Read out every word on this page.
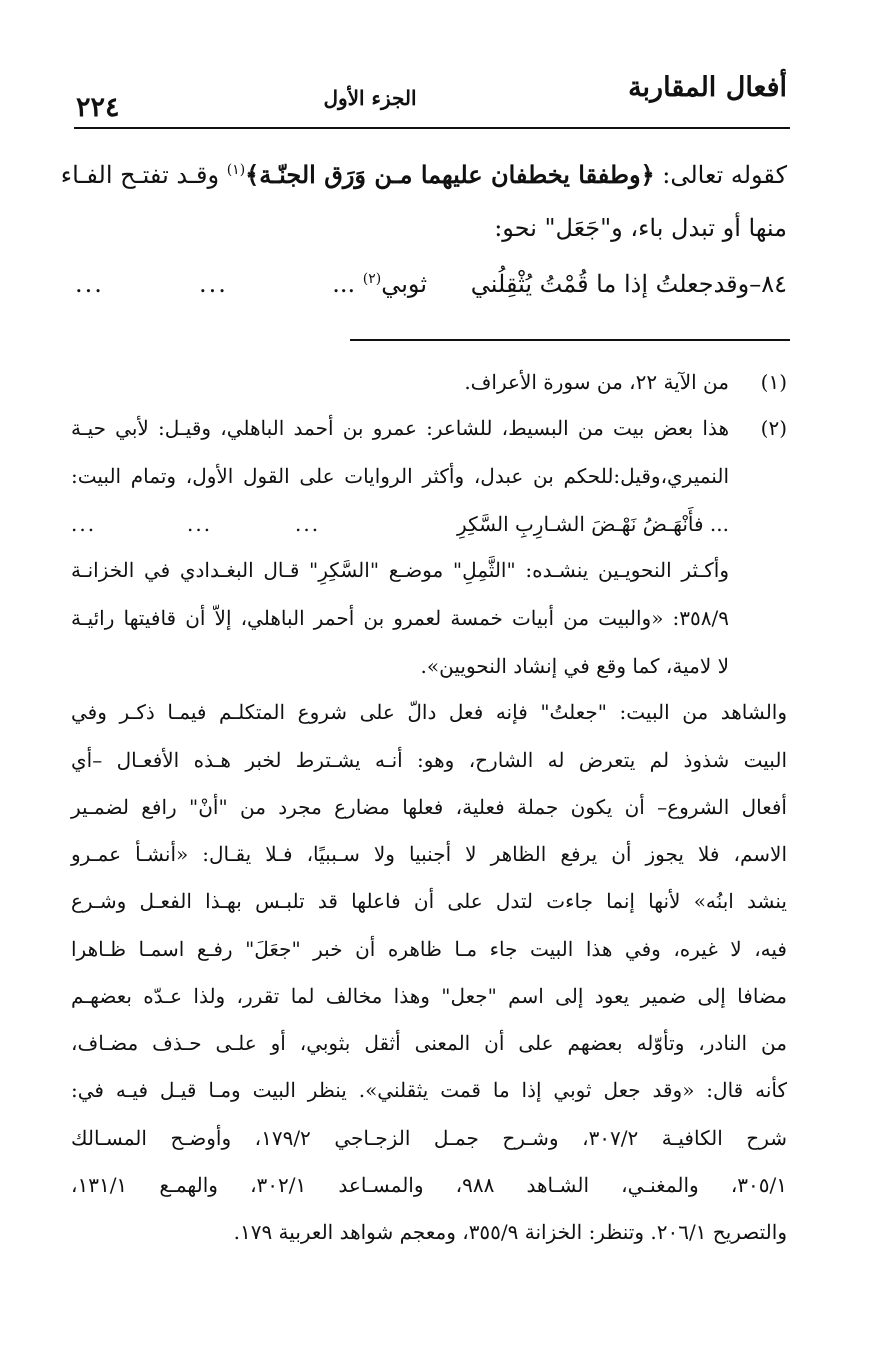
أفعال المقاربة
الجزء الأول
٢٢٤
كقوله تعالى: ﴿وطفقا يخطفان عليهما مـن وَرَق الجنّـة﴾$^{(١)}$ وقـد تفتـح الفـاء
منها أو تبدل باء، و"جَعَل" نحو:
٨٤–وقدجعلتُ إذا ما قُمْتُ يُثْقِلُني
ثوبي$^{(٢)}$ ...
...
...
(١)
من الآية ٢٢، من سورة الأعراف.
(٢)
هذا بعض بيت من البسيط، للشاعر: عمرو بن أحمد الباهلي، وقيـل: لأبي حيـة
النميري،وقيل:للحكم بن عبدل، وأكثر الروايات على القول الأول، وتمام البيت:
... فأَنْهَـضُ نَهْـضَ الشـارِبِ السَّكِرِ
...
...
...
وأكـثر النحويـين ينشـده: "الثَّمِلِ" موضـع "السَّكِرِ" قـال البغـدادي في الخزانـة
٣٥٨/٩: «والبيت من أبيات خمسة لعمرو بن أحمر الباهلي، إلاّ أن قافيتها رائيـة
لا لامية، كما وقع في إنشاد النحويين».
والشاهد من البيت: "جعلتُ" فإنه فعل دالّ على شروع المتكلـم فيمـا ذكـر وفي
البيت شذوذ لم يتعرض له الشارح، وهو: أنـه يشـترط لخبر هـذه الأفعـال –أي
أفعال الشروع– أن يكون جملة فعلية، فعلها مضارع مجرد من "أنْ" رافع لضمـير
الاسم، فلا يجوز أن يرفع الظاهر لا أجنبيا ولا سـببيًا، فـلا يقـال: «أنشـأ عمـرو
ينشد ابنُه» لأنها إنما جاءت لتدل على أن فاعلها قد تلبـس بهـذا الفعـل وشـرع
فيه، لا غيره، وفي هذا البيت جاء مـا ظاهره أن خبر "جعَلَ" رفـع اسمـا ظـاهرا
مضافا إلى ضمير يعود إلى اسم "جعل" وهذا مخالف لما تقرر، ولذا عـدّه بعضهـم
من النادر، وتأوّله بعضهم على أن المعنى أثقل بثوبي، أو علـى حـذف مضـاف،
كأنه قال: «وقد جعل ثوبي إذا ما قمت يثقلني». ينظر البيت ومـا قيـل فيـه في:
شرح الكافيـة ٣٠٧/٢، وشـرح جمـل الزجـاجي ١٧٩/٢، وأوضـح المسـالك
٣٠٥/١، والمغنـي، الشـاهد ٩٨٨، والمسـاعد ٣٠٢/١، والهمـع ١٣١/١،
والتصريح ٢٠٦/١. وتنظر: الخزانة ٣٥٥/٩، ومعجم شواهد العربية ١٧٩.
